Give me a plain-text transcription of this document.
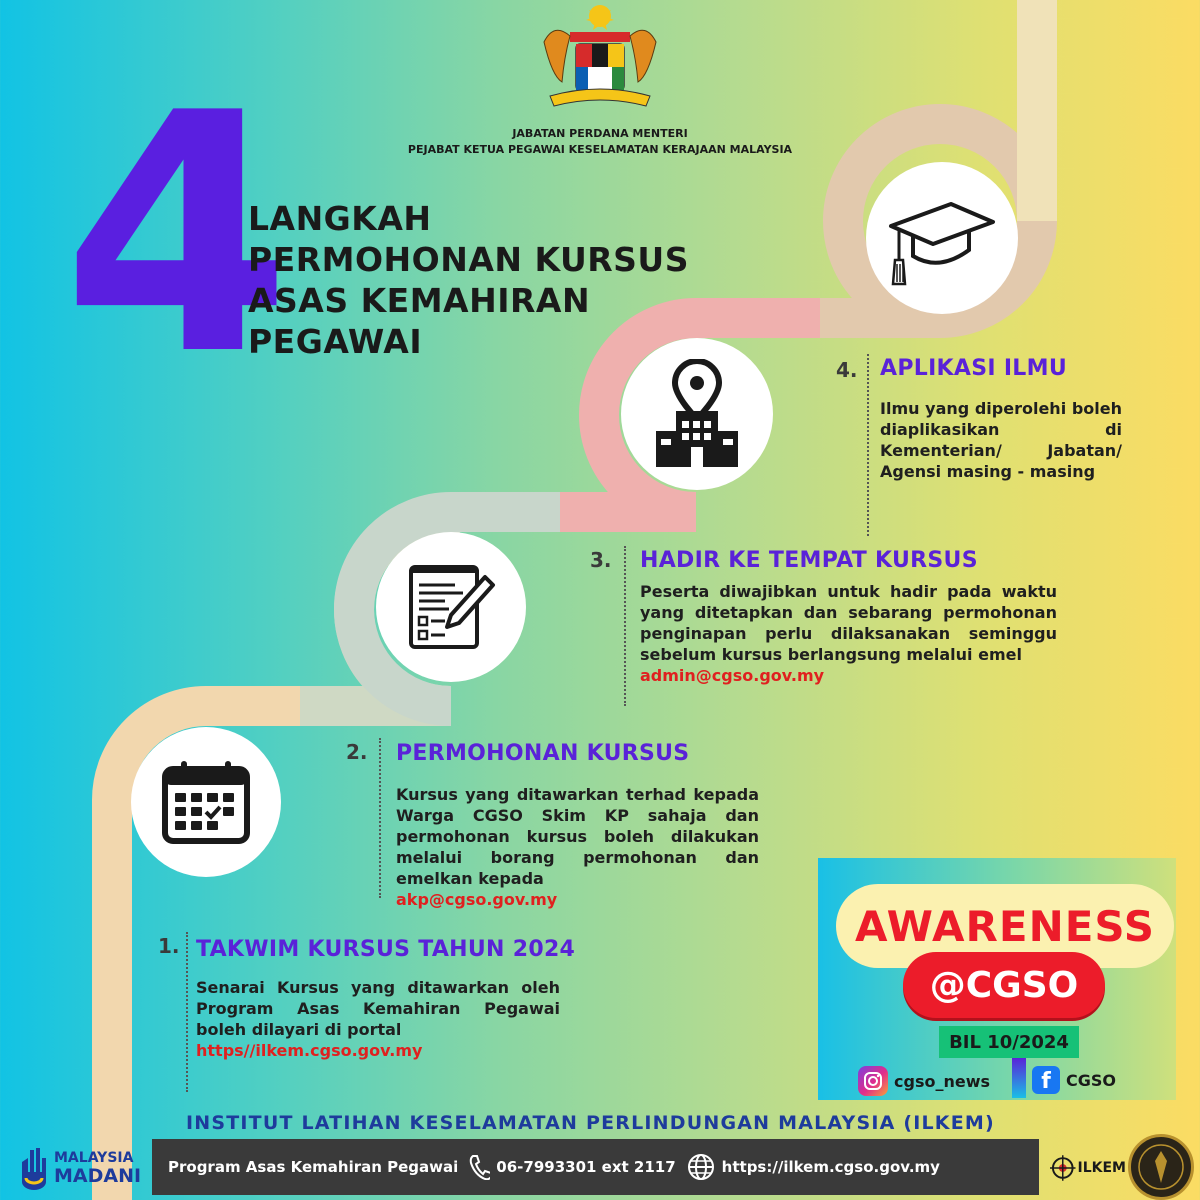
JABATAN PERDANA MENTERI
PEJABAT KETUA PEGAWAI KESELAMATAN KERAJAAN MALAYSIA
4
LANGKAH
PERMOHONAN KURSUS
ASAS KEMAHIRAN
PEGAWAI
1. TAKWIM KURSUS TAHUN 2024
Senarai Kursus yang ditawarkan oleh Program Asas Kemahiran Pegawai boleh dilayari di portal
https//ilkem.cgso.gov.my
2. PERMOHONAN KURSUS
Kursus yang ditawarkan terhad kepada Warga CGSO Skim KP sahaja dan permohonan kursus boleh dilakukan melalui borang permohonan dan emelkan kepada
akp@cgso.gov.my
3. HADIR KE TEMPAT KURSUS
Peserta diwajibkan untuk hadir pada waktu yang ditetapkan dan sebarang permohonan penginapan perlu dilaksanakan seminggu sebelum kursus berlangsung melalui emel
admin@cgso.gov.my
4. APLIKASI ILMU
Ilmu yang diperolehi boleh diaplikasikan di Kementerian/ Jabatan/ Agensi masing - masing
AWARENESS
@CGSO
BIL 10/2024
cgso_news	f CGSO
INSTITUT LATIHAN KESELAMATAN PERLINDUNGAN MALAYSIA (ILKEM)
MALAYSIA
MADANI Program Asas Kemahiran Pegawai	06-7993301 ext 2117	https://ilkem.cgso.gov.my	ILKEM
